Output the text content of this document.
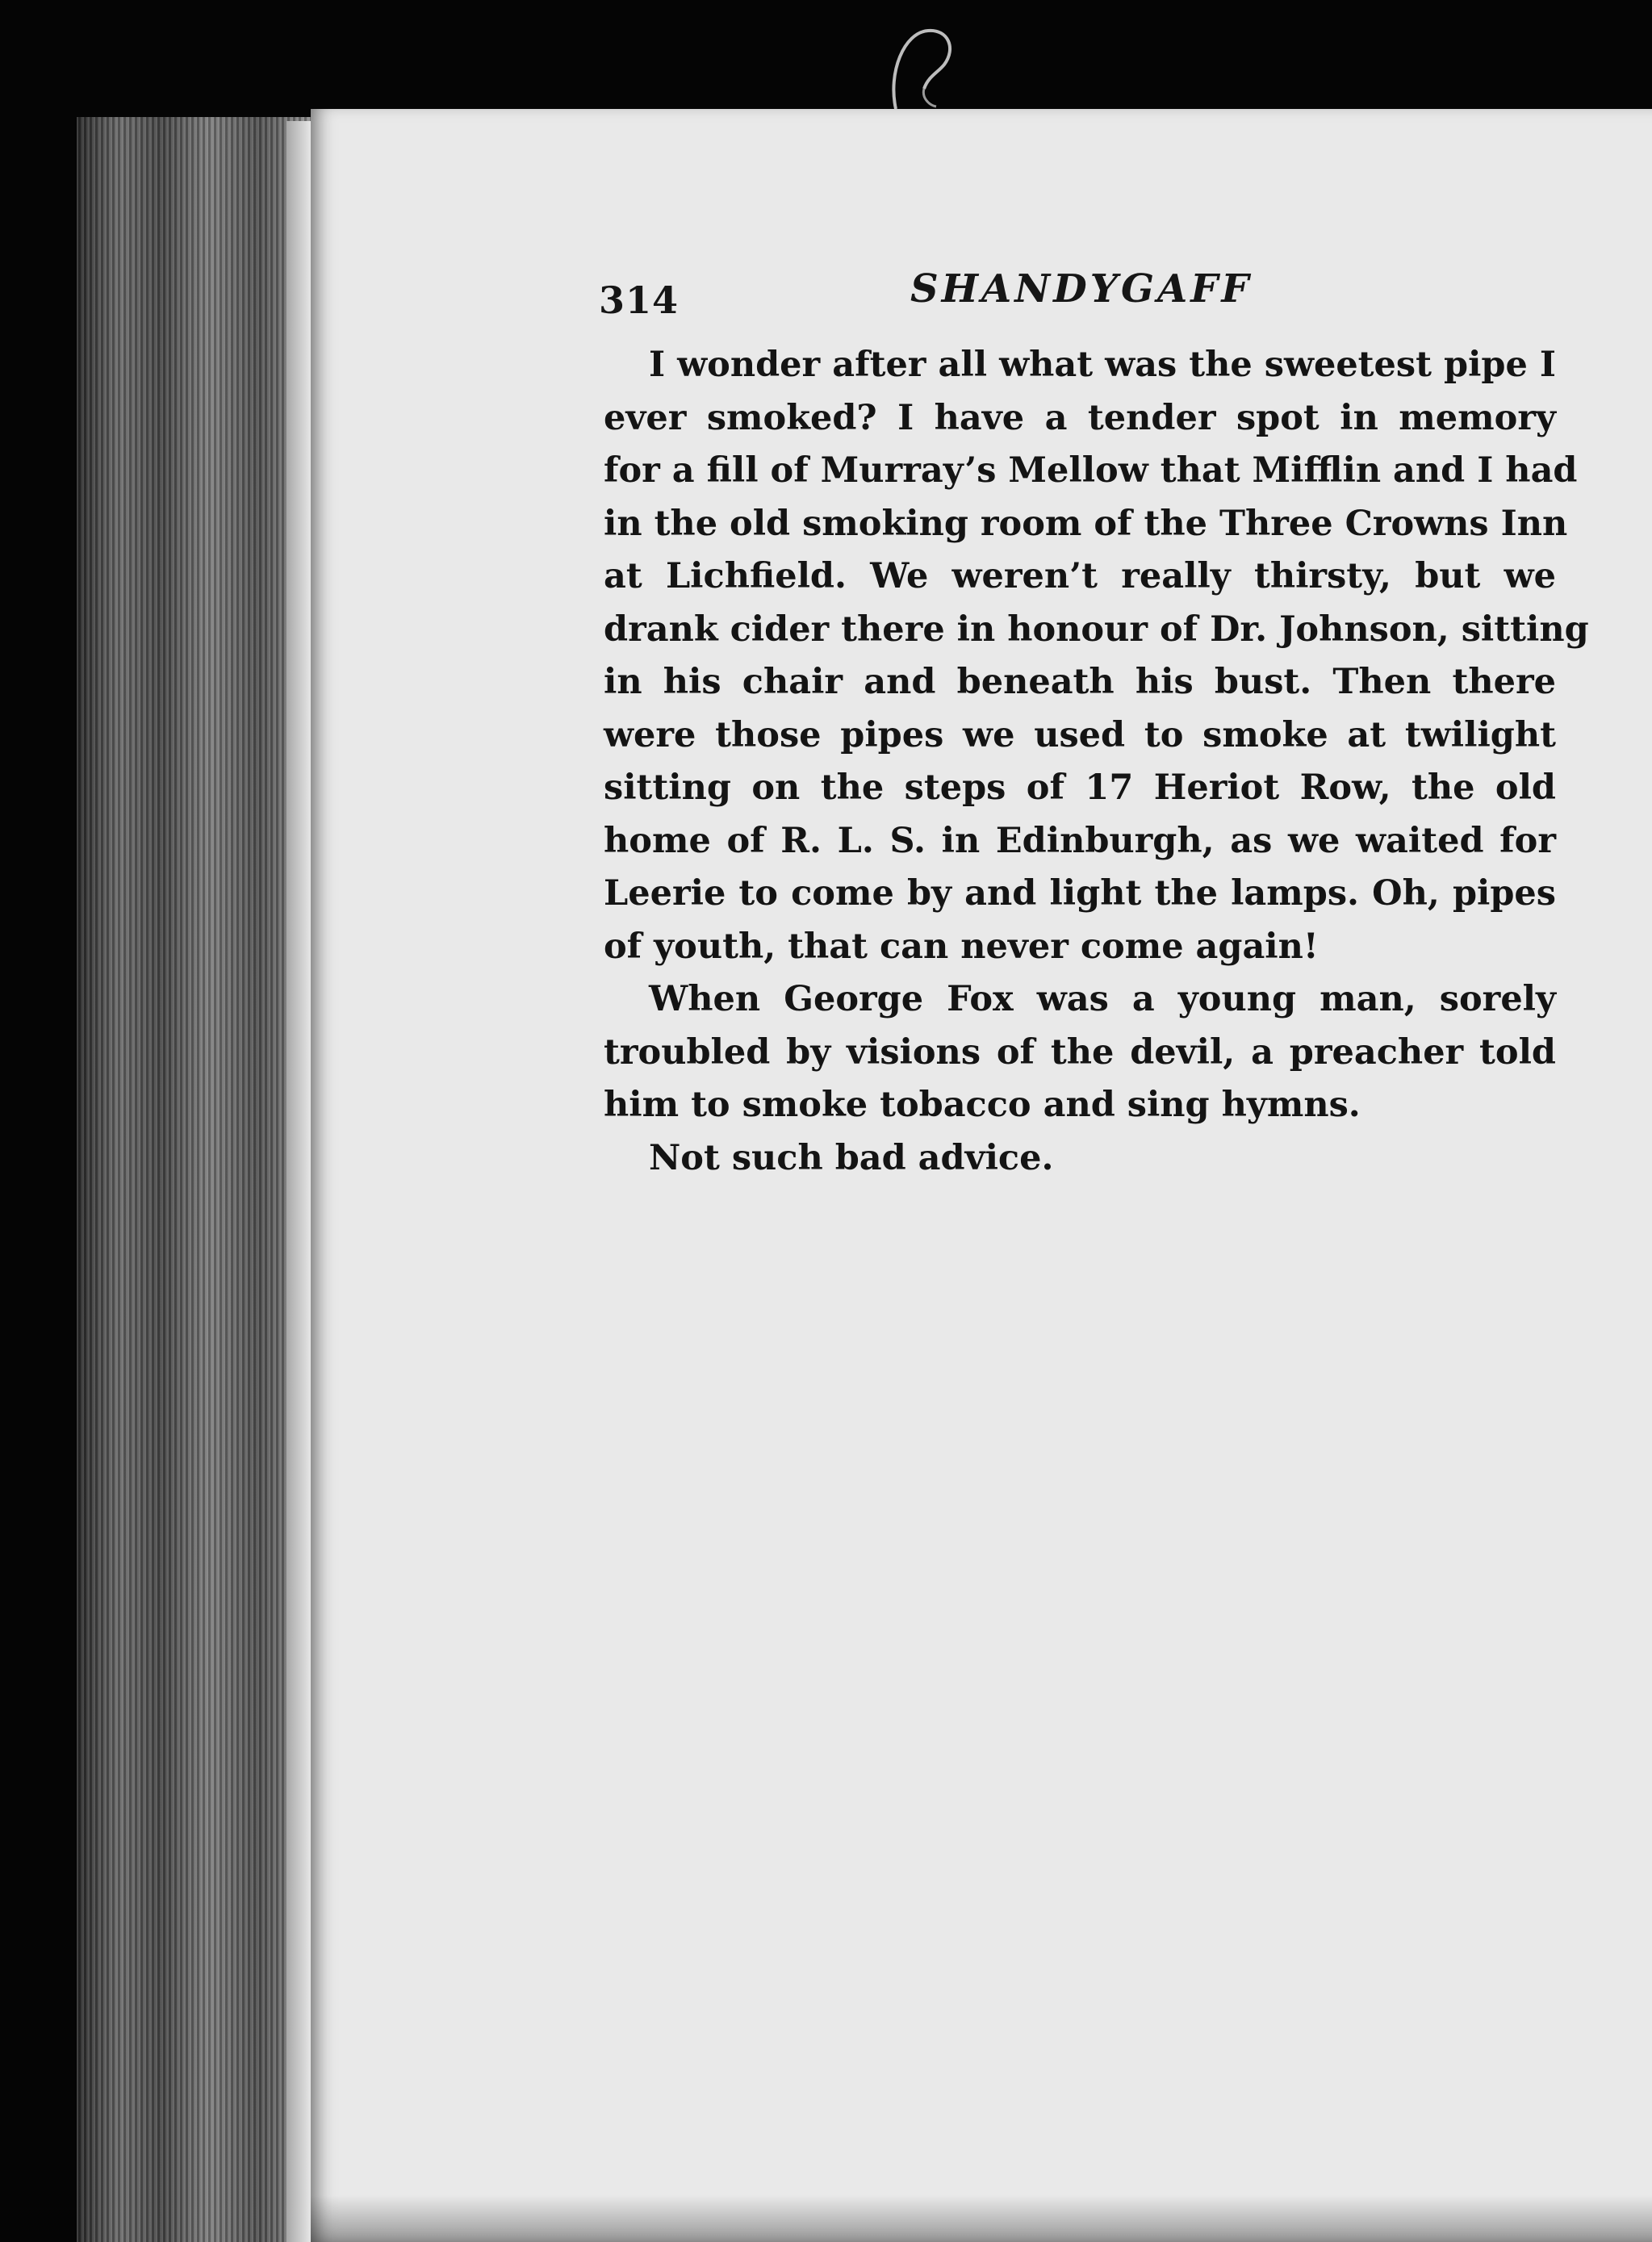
314	SHANDYGAFF
I wonder after all what was the sweetest pipe I
ever smoked? I have a tender spot in memory
for a fill of Murray’s Mellow that Mifflin and I had
in the old smoking room of the Three Crowns Inn
at Lichfield. We weren’t really thirsty, but we
drank cider there in honour of Dr. Johnson, sitting
in his chair and beneath his bust. Then there
were those pipes we used to smoke at twilight
sitting on the steps of 17 Heriot Row, the old
home of R. L. S. in Edinburgh, as we waited for
Leerie to come by and light the lamps. Oh, pipes
of youth, that can never come again!
When George Fox was a young man, sorely
troubled by visions of the devil, a preacher told
him to smoke tobacco and sing hymns.
Not such bad advice.
